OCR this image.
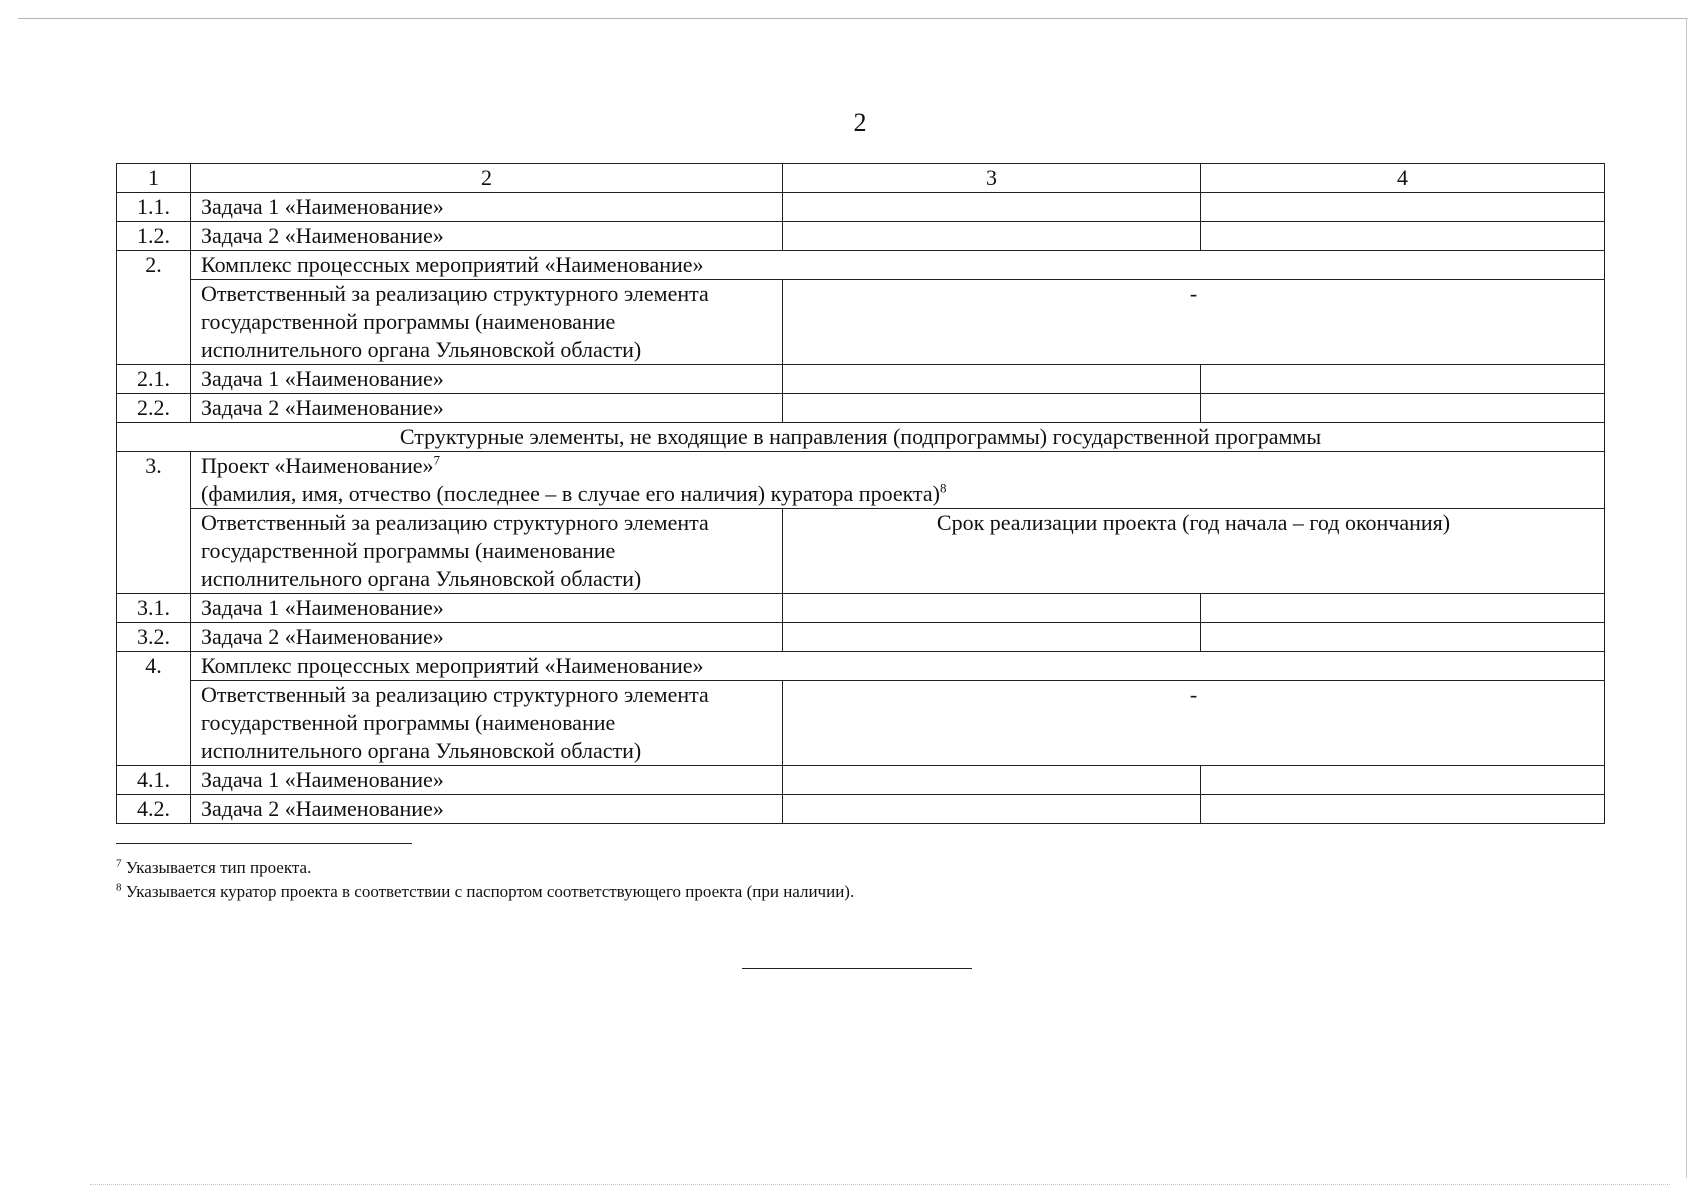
2
1	2	3	4
1.1.	Задача 1 «Наименование»		
1.2.	Задача 2 «Наименование»		
2.	Комплекс процессных мероприятий «Наименование»		
	Ответственный за реализацию структурного элемента государственной программы (наименование исполнительного органа Ульяновской области)	-	
2.1.	Задача 1 «Наименование»		
2.2.	Задача 2 «Наименование»		
Структурные элементы, не входящие в направления (подпрограммы) государственной программы			
3.	Проект «Наименование»$^7$
(фамилия, имя, отчество (последнее – в случае его наличия) куратора проекта)$^8$
	Ответственный за реализацию структурного элемента государственной программы (наименование исполнительного органа Ульяновской области)	Срок реализации проекта (год начала – год окончания)	
3.1.	Задача 1 «Наименование»		
3.2.	Задача 2 «Наименование»		
4.	Комплекс процессных мероприятий «Наименование»		
	Ответственный за реализацию структурного элемента государственной программы (наименование исполнительного органа Ульяновской области)	-	
4.1.	Задача 1 «Наименование»		
4.2.	Задача 2 «Наименование»		
$^7$ Указывается тип проекта.
$^8$ Указывается куратор проекта в соответствии с паспортом соответствующего проекта (при наличии).
